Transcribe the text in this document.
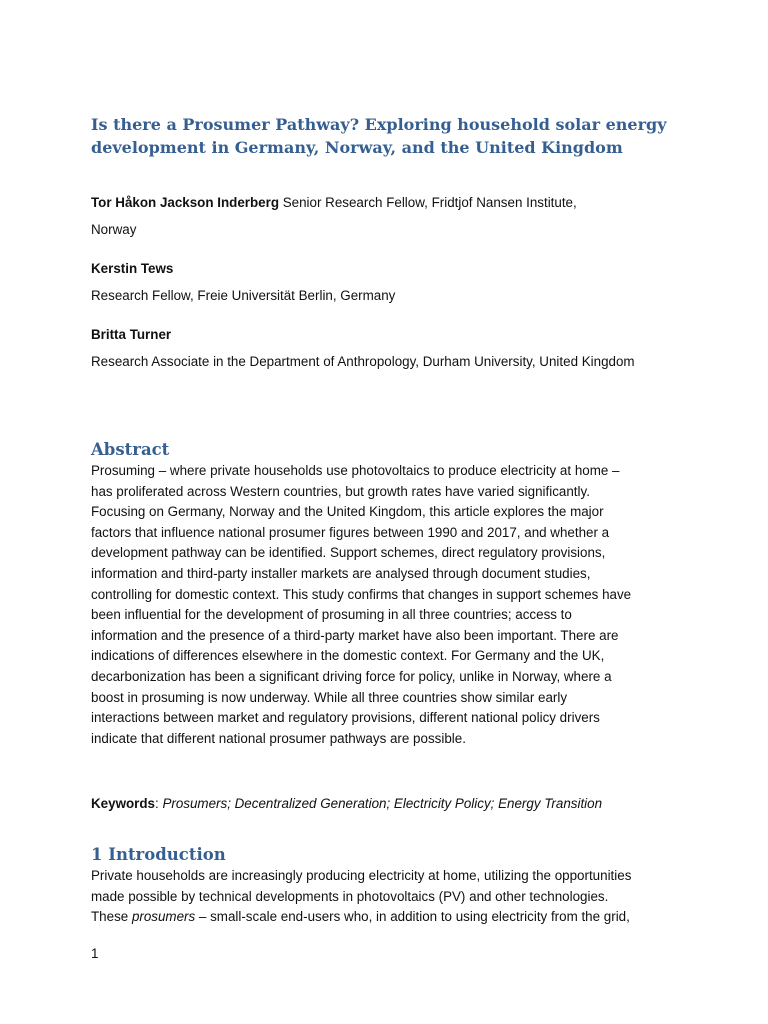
Is there a Prosumer Pathway? Exploring household solar energy
development in Germany, Norway, and the United Kingdom

Tor Håkon Jackson Inderberg Senior Research Fellow, Fridtjof Nansen Institute,

Norway

Kerstin Tews

Research Fellow, Freie Universität Berlin, Germany

Britta Turner

Research Associate in the Department of Anthropology, Durham University, United Kingdom

Abstract
Prosuming – where private households use photovoltaics to produce electricity at home –
has proliferated across Western countries, but growth rates have varied significantly.
Focusing on Germany, Norway and the United Kingdom, this article explores the major
factors that influence national prosumer figures between 1990 and 2017, and whether a
development pathway can be identified. Support schemes, direct regulatory provisions,
information and third-party installer markets are analysed through document studies,
controlling for domestic context. This study confirms that changes in support schemes have
been influential for the development of prosuming in all three countries; access to
information and the presence of a third-party market have also been important. There are
indications of differences elsewhere in the domestic context. For Germany and the UK,
decarbonization has been a significant driving force for policy, unlike in Norway, where a
boost in prosuming is now underway. While all three countries show similar early
interactions between market and regulatory provisions, different national policy drivers
indicate that different national prosumer pathways are possible.

Keywords: Prosumers; Decentralized Generation; Electricity Policy; Energy Transition

1 Introduction
Private households are increasingly producing electricity at home, utilizing the opportunities
made possible by technical developments in photovoltaics (PV) and other technologies.
These prosumers – small-scale end-users who, in addition to using electricity from the grid,

1
